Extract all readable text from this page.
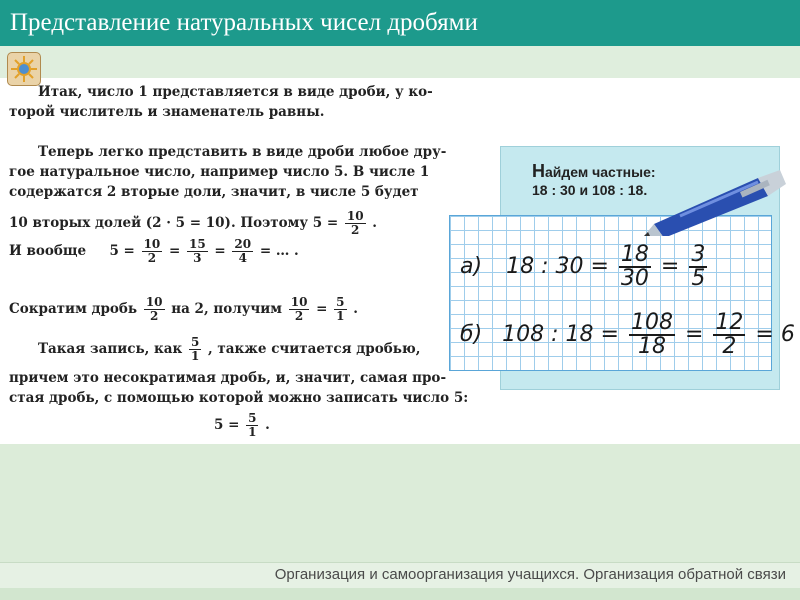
Представление натуральных чисел дробями
Организация и самоорганизация учащихся. Организация обратной связи
Итак, число 1 представляется в виде дроби, у ко-
торой числитель и знаменатель равны.
Теперь легко представить в виде дроби любое дру-
гое натуральное число, например число 5. В числе 1
содержатся 2 вторые доли, значит, в числе 5 будет
10 вторых долей (2 · 5 = 10). Поэтому $5 = \frac{10}{2}$ .
И вообще $5 = \frac{10}{2} = \frac{15}{3} = \frac{20}{4}$ = … .
Сократим дробь $\frac{10}{2}$ на 2, получим $\frac{10}{2} = \frac{5}{1}$ .
Такая запись, как $\frac{5}{1}$ , также считается дробью,
причем это несократимая дробь, и, значит, самая про-
стая дробь, с помощью которой можно записать число 5:
$5 = \frac{5}{1}$ .
Найдем частные:
18 : 30 и 108 : 18.
а) 18 : $30 = \frac{18}{30} = \frac{3}{5}$
б) 108 : $18 = \frac{108}{18} = \frac{12}{2} = 6$
